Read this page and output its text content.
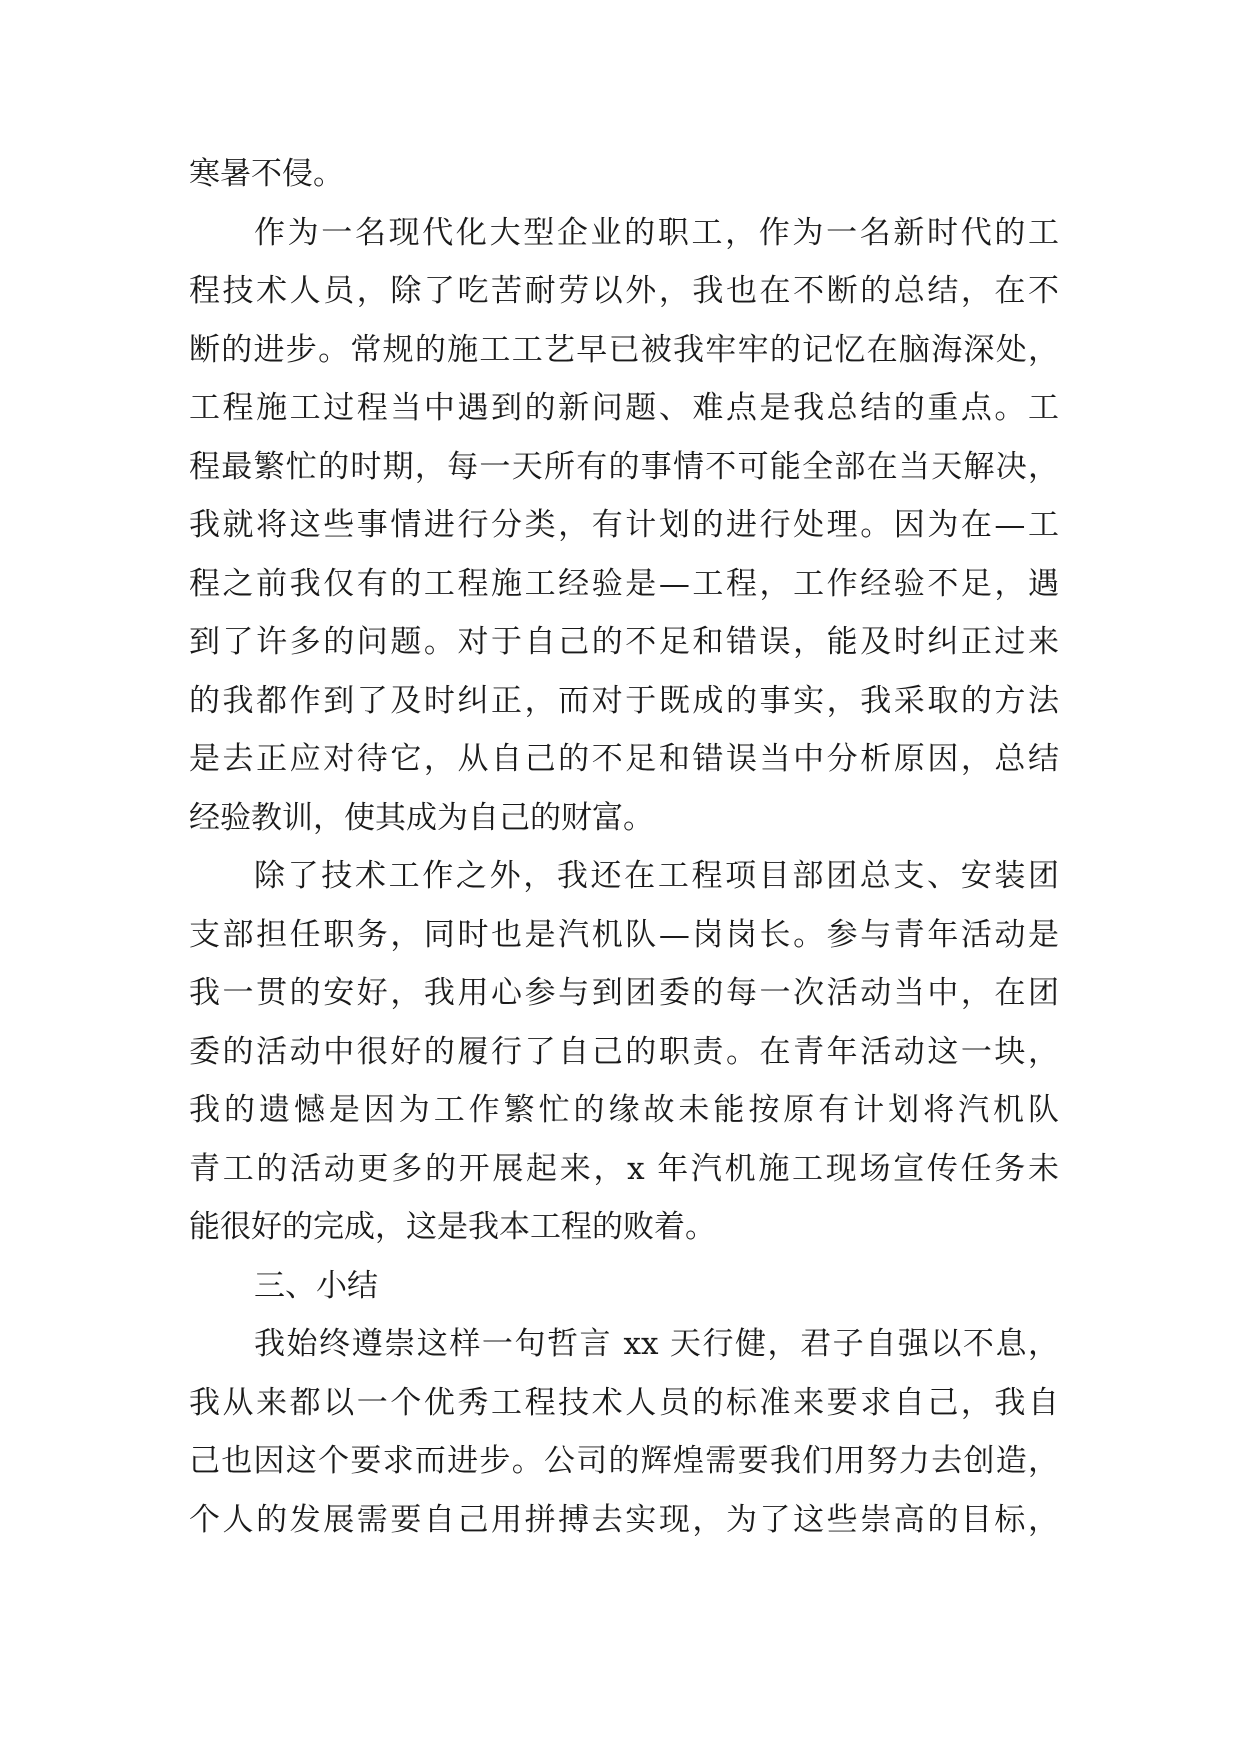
寒暑不侵。
作为一名现代化大型企业的职工，作为一名新时代的工
程技术人员，除了吃苦耐劳以外，我也在不断的总结，在不
断的进步。常规的施工工艺早已被我牢牢的记忆在脑海深处，
工程施工过程当中遇到的新问题、难点是我总结的重点。工
程最繁忙的时期，每一天所有的事情不可能全部在当天解决，
我就将这些事情进行分类，有计划的进行处理。因为在—工
程之前我仅有的工程施工经验是—工程，工作经验不足，遇
到了许多的问题。对于自己的不足和错误，能及时纠正过来
的我都作到了及时纠正，而对于既成的事实，我采取的方法
是去正应对待它，从自己的不足和错误当中分析原因，总结
经验教训，使其成为自己的财富。
除了技术工作之外，我还在工程项目部团总支、安装团
支部担任职务，同时也是汽机队—岗岗长。参与青年活动是
我一贯的安好，我用心参与到团委的每一次活动当中，在团
委的活动中很好的履行了自己的职责。在青年活动这一块，
我的遗憾是因为工作繁忙的缘故未能按原有计划将汽机队
青工的活动更多的开展起来，x 年汽机施工现场宣传任务未
能很好的完成，这是我本工程的败着。
三、小结
我始终遵崇这样一句哲言 xx 天行健，君子自强以不息，
我从来都以一个优秀工程技术人员的标准来要求自己，我自
己也因这个要求而进步。公司的辉煌需要我们用努力去创造，
个人的发展需要自己用拼搏去实现，为了这些崇高的目标，
